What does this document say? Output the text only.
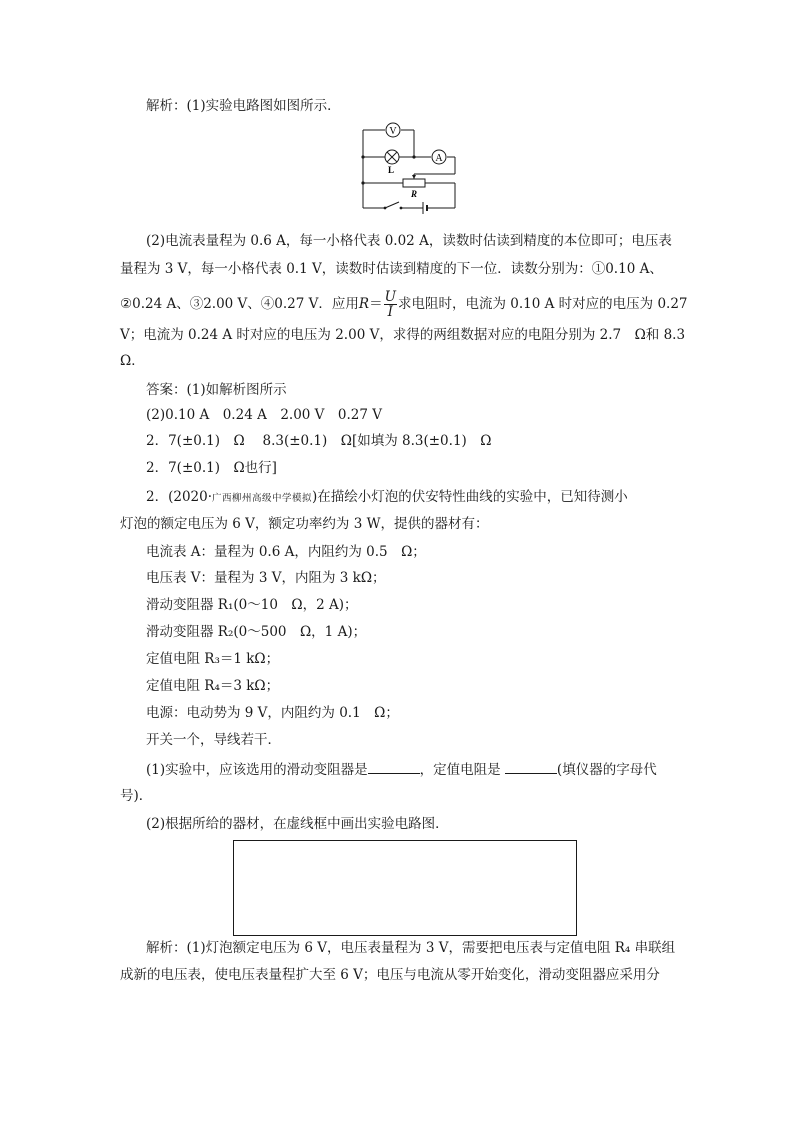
解析：(1)实验电路图如图所示．
V
A
L
R
(2)电流表量程为 0.6 A，每一小格代表 0.02 A，读数时估读到精度的本位即可；电压表
量程为 3 V，每一小格代表 0.1 V，读数时估读到精度的下一位．读数分别为：①0.10 A、
②0.24 A、③2.00 V、④0.27 V．应用$R= \frac{U}{I}$ 求电阻时，电流为 0.10 A 时对应的电压为 0.27
V；电流为 0.24 A 时对应的电压为 2.00 V，求得的两组数据对应的电阻分别为 2.7　Ω和 8.3
Ω．
答案：(1)如解析图所示
(2)0.10 A　0.24 A　2.00 V　0.27 V
2．7(±0.1)　Ω　 8.3(±0.1)　Ω[如填为 8.3(±0.1)　Ω
2．7(±0.1)　Ω也行]
2．(2020·广西柳州高级中学模拟)在描绘小灯泡的伏安特性曲线的实验中，已知待测小
灯泡的额定电压为 6 V，额定功率约为 3 W，提供的器材有：
电流表 A：量程为 0.6 A，内阻约为 0.5　Ω；
电压表 V：量程为 3 V，内阻为 3 kΩ；
滑动变阻器 R₁(0～10　Ω，2 A)；
滑动变阻器 R₂(0～500　Ω，1 A)；
定值电阻 R₃＝1 kΩ；
定值电阻 R₄＝3 kΩ；
电源：电动势为 9 V，内阻约为 0.1　Ω；
开关一个，导线若干．
(1)实验中，应该选用的滑动变阻器是	，定值电阻是	(填仪器的字母代
号)．
(2)根据所给的器材，在虚线框中画出实验电路图．
解析：(1)灯泡额定电压为 6 V，电压表量程为 3 V，需要把电压表与定值电阻 R₄ 串联组
成新的电压表，使电压表量程扩大至 6 V；电压与电流从零开始变化，滑动变阻器应采用分
